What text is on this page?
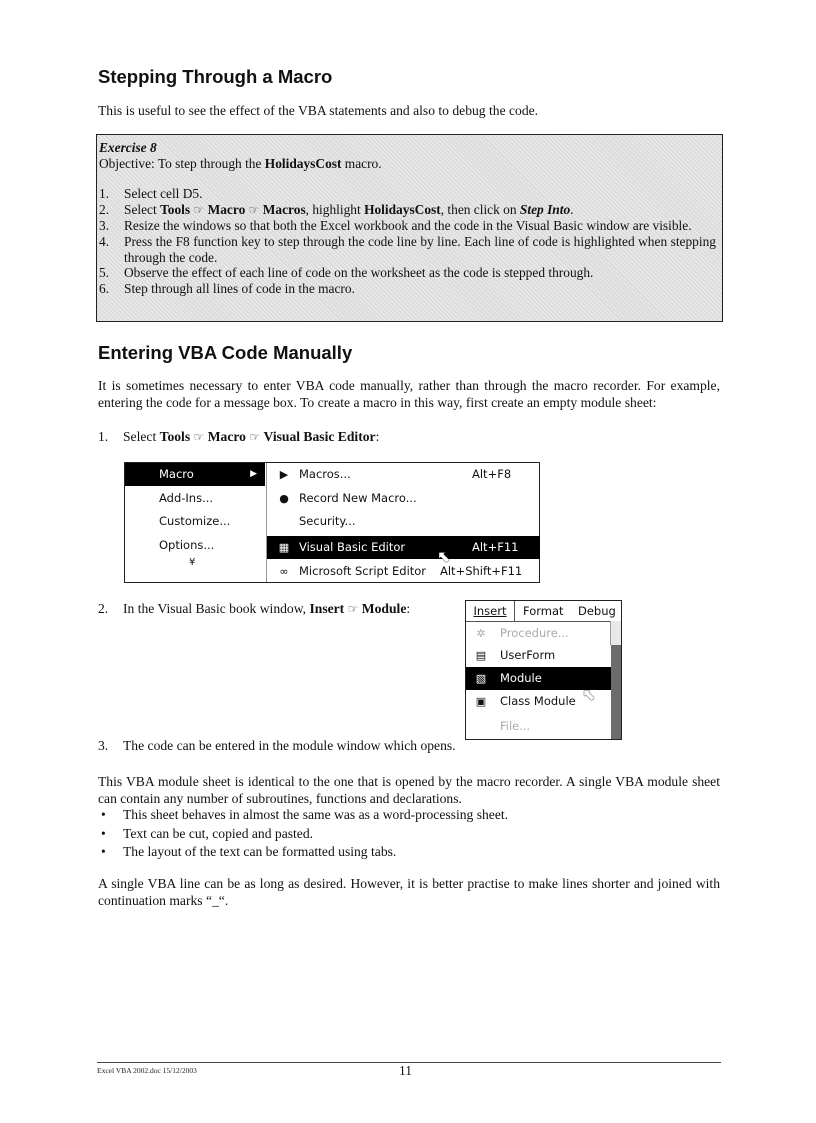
Stepping Through a Macro

This is useful to see the effect of the VBA statements and also to debug the code.

Exercise 8
Objective: To step through the HolidaysCost macro.
1. Select cell D5.
2. Select Tools ☞ Macro ☞ Macros, highlight HolidaysCost, then click on Step Into.
3. Resize the windows so that both the Excel workbook and the code in the Visual Basic window are visible.
4. Press the F8 function key to step through the code line by line. Each line of code is highlighted when stepping through the code.
5. Observe the effect of each line of code on the worksheet as the code is stepped through.
6. Step through all lines of code in the macro.
Entering VBA Code Manually

It is sometimes necessary to enter VBA code manually, rather than through the macro recorder. For example, entering the code for a message box. To create a macro in this way, first create an empty module sheet:

1. Select Tools ☞ Macro ☞ Visual Basic Editor:
Macro	▶
Add-Ins...
Customize...
Options...
¥
▶ Macros...	Alt+F8
● Record New Macro...
Security...
▦ Visual Basic Editor	Alt+F11
∞ Microsoft Script Editor Alt+Shift+F11
⬉
2. In the Visual Basic book window, Insert ☞ Module:	Insert	Format Debug
✲	Procedure...
▤	UserForm
▧	Module
▣	Class Module
File...
⬉
3. The code can be entered in the module window which opens.

This VBA module sheet is identical to the one that is opened by the macro recorder. A single VBA module sheet can contain any number of subroutines, functions and declarations.

• This sheet behaves in almost the same was as a word-processing sheet.
• Text can be cut, copied and pasted.
• The layout of the text can be formatted using tabs.

A single VBA line can be as long as desired. However, it is better practise to make lines shorter and joined with continuation marks “_“.

Excel VBA 2002.doc 15/12/2003	11
